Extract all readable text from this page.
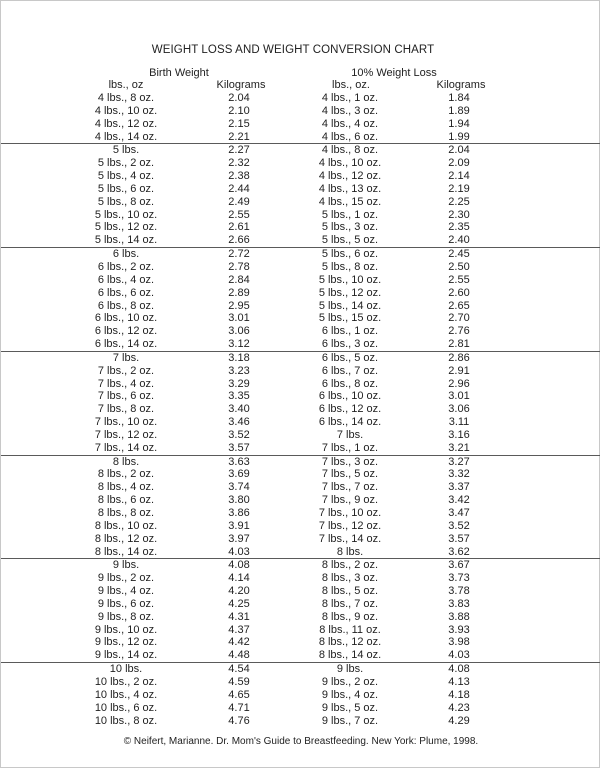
WEIGHT LOSS AND WEIGHT CONVERSION CHART
Birth Weight	10% Weight Loss
lbs., oz	Kilograms	lbs., oz.	Kilograms
4 lbs., 8 oz.	2.04	4 lbs., 1 oz.	1.84
4 lbs., 10 oz.	2.10	4 lbs., 3 oz.	1.89
4 lbs., 12 oz.	2.15	4 lbs., 4 oz.	1.94
4 lbs., 14 oz.	2.21	4 lbs., 6 oz.	1.99
5 lbs.	2.27	4 lbs., 8 oz.	2.04
5 lbs., 2 oz.	2.32	4 lbs., 10 oz.	2.09
5 lbs., 4 oz.	2.38	4 lbs., 12 oz.	2.14
5 lbs., 6 oz.	2.44	4 lbs., 13 oz.	2.19
5 lbs., 8 oz.	2.49	4 lbs., 15 oz.	2.25
5 lbs., 10 oz.	2.55	5 lbs., 1 oz.	2.30
5 lbs., 12 oz.	2.61	5 lbs., 3 oz.	2.35
5 lbs., 14 oz.	2.66	5 lbs., 5 oz.	2.40
6 lbs.	2.72	5 lbs., 6 oz.	2.45
6 lbs., 2 oz.	2.78	5 lbs., 8 oz.	2.50
6 lbs., 4 oz.	2.84	5 lbs., 10 oz.	2.55
6 lbs., 6 oz.	2.89	5 lbs., 12 oz.	2.60
6 lbs., 8 oz.	2.95	5 lbs., 14 oz.	2.65
6 lbs., 10 oz.	3.01	5 lbs., 15 oz.	2.70
6 lbs., 12 oz.	3.06	6 lbs., 1 oz.	2.76
6 lbs., 14 oz.	3.12	6 lbs., 3 oz.	2.81
7 lbs.	3.18	6 lbs., 5 oz.	2.86
7 lbs., 2 oz.	3.23	6 lbs., 7 oz.	2.91
7 lbs., 4 oz.	3.29	6 lbs., 8 oz.	2.96
7 lbs., 6 oz.	3.35	6 lbs., 10 oz.	3.01
7 lbs., 8 oz.	3.40	6 lbs., 12 oz.	3.06
7 lbs., 10 oz.	3.46	6 lbs., 14 oz.	3.11
7 lbs., 12 oz.	3.52	7 lbs.	3.16
7 lbs., 14 oz.	3.57	7 lbs., 1 oz.	3.21
8 lbs.	3.63	7 lbs., 3 oz.	3.27
8 lbs., 2 oz.	3.69	7 lbs., 5 oz.	3.32
8 lbs., 4 oz.	3.74	7 lbs., 7 oz.	3.37
8 lbs., 6 oz.	3.80	7 lbs., 9 oz.	3.42
8 lbs., 8 oz.	3.86	7 lbs., 10 oz.	3.47
8 lbs., 10 oz.	3.91	7 lbs., 12 oz.	3.52
8 lbs., 12 oz.	3.97	7 lbs., 14 oz.	3.57
8 lbs., 14 oz.	4.03	8 lbs.	3.62
9 lbs.	4.08	8 lbs., 2 oz.	3.67
9 lbs., 2 oz.	4.14	8 lbs., 3 oz.	3.73
9 lbs., 4 oz.	4.20	8 lbs., 5 oz.	3.78
9 lbs., 6 oz.	4.25	8 lbs., 7 oz.	3.83
9 lbs., 8 oz.	4.31	8 lbs., 9 oz.	3.88
9 lbs., 10 oz.	4.37	8 lbs., 11 oz.	3.93
9 lbs., 12 oz.	4.42	8 lbs., 12 oz.	3.98
9 lbs., 14 oz.	4.48	8 lbs., 14 oz.	4.03
10 lbs.	4.54	9 lbs.	4.08
10 lbs., 2 oz.	4.59	9 lbs., 2 oz.	4.13
10 lbs., 4 oz.	4.65	9 lbs., 4 oz.	4.18
10 lbs., 6 oz.	4.71	9 lbs., 5 oz.	4.23
10 lbs., 8 oz.	4.76	9 lbs., 7 oz.	4.29
© Neifert, Marianne. Dr. Mom's Guide to Breastfeeding. New York: Plume, 1998.
